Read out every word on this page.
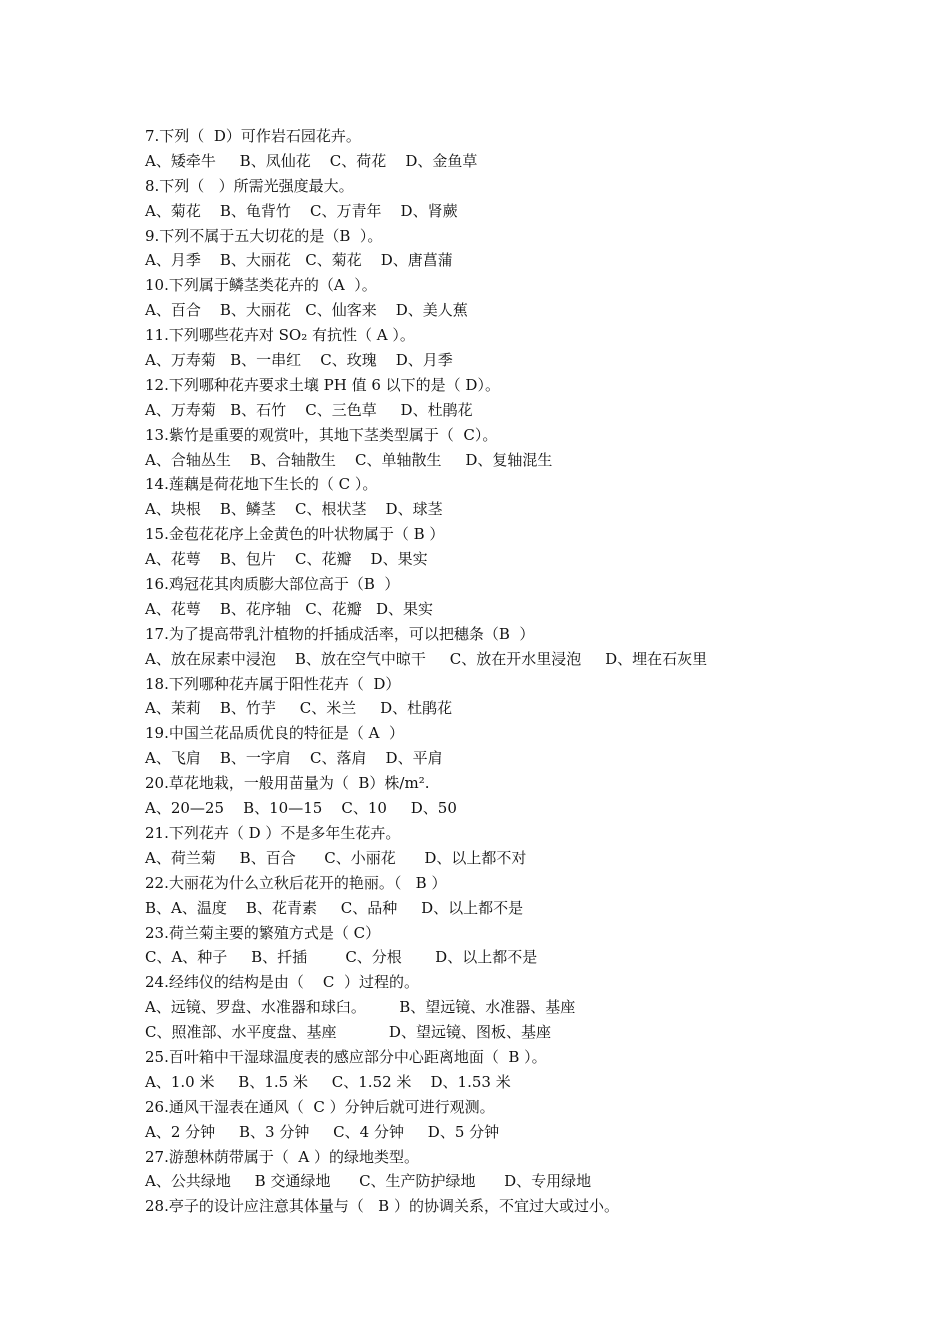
7.下列（  D）可作岩石园花卉。
A、矮牵牛     B、凤仙花    C、荷花    D、金鱼草
8.下列（   ）所需光强度最大。
A、菊花    B、龟背竹    C、万青年    D、肾蕨
9.下列不属于五大切花的是（B  ）。
A、月季    B、大丽花   C、菊花    D、唐菖蒲
10.下列属于鳞茎类花卉的（A  ）。
A、百合    B、大丽花   C、仙客来    D、美人蕉
11.下列哪些花卉对 SO₂ 有抗性（ A ）。
A、万寿菊   B、一串红    C、玫瑰    D、月季
12.下列哪种花卉要求土壤 PH 值 6 以下的是（ D）。
A、万寿菊   B、石竹    C、三色草     D、杜鹃花
13.紫竹是重要的观赏叶，其地下茎类型属于（  C）。
A、合轴丛生    B、合轴散生    C、单轴散生     D、复轴混生
14.莲藕是荷花地下生长的（ C ）。
A、块根    B、鳞茎    C、根状茎    D、球茎
15.金苞花花序上金黄色的叶状物属于（ B ）
A、花萼    B、包片    C、花瓣    D、果实
16.鸡冠花其肉质膨大部位高于（B  ）
A、花萼    B、花序轴   C、花瓣   D、果实
17.为了提高带乳汁植物的扦插成活率，可以把穗条（B  ）
A、放在尿素中浸泡    B、放在空气中晾干     C、放在开水里浸泡     D、埋在石灰里
18.下列哪种花卉属于阳性花卉（  D）
A、茉莉    B、竹芋     C、米兰     D、杜鹃花
19.中国兰花品质优良的特征是（ A  ）
A、飞肩    B、一字肩    C、落肩    D、平肩
20.草花地栽，一般用苗量为（  B）株/m².
A、20—25    B、10—15    C、10     D、50
21.下列花卉（ D ）不是多年生花卉。
A、荷兰菊     B、百合      C、小丽花      D、以上都不对
22.大丽花为什么立秋后花开的艳丽。（   B ）
B、A、温度    B、花青素     C、品种     D、以上都不是
23.荷兰菊主要的繁殖方式是（ C）
C、A、种子     B、扦插        C、分根       D、以上都不是
24.经纬仪的结构是由（    C  ）过程的。
A、远镜、罗盘、水准器和球臼。       B、望远镜、水准器、基座
C、照准部、水平度盘、基座           D、望远镜、图板、基座
25.百叶箱中干湿球温度表的感应部分中心距离地面（  B ）。
A、1.0 米     B、1.5 米     C、1.52 米    D、1.53 米
26.通风干湿表在通风（  C ）分钟后就可进行观测。
A、2 分钟     B、3 分钟     C、4 分钟     D、5 分钟
27.游憩林荫带属于（  A ）的绿地类型。
A、公共绿地     B 交通绿地      C、生产防护绿地      D、专用绿地
28.亭子的设计应注意其体量与（   B ）的协调关系，不宜过大或过小。
